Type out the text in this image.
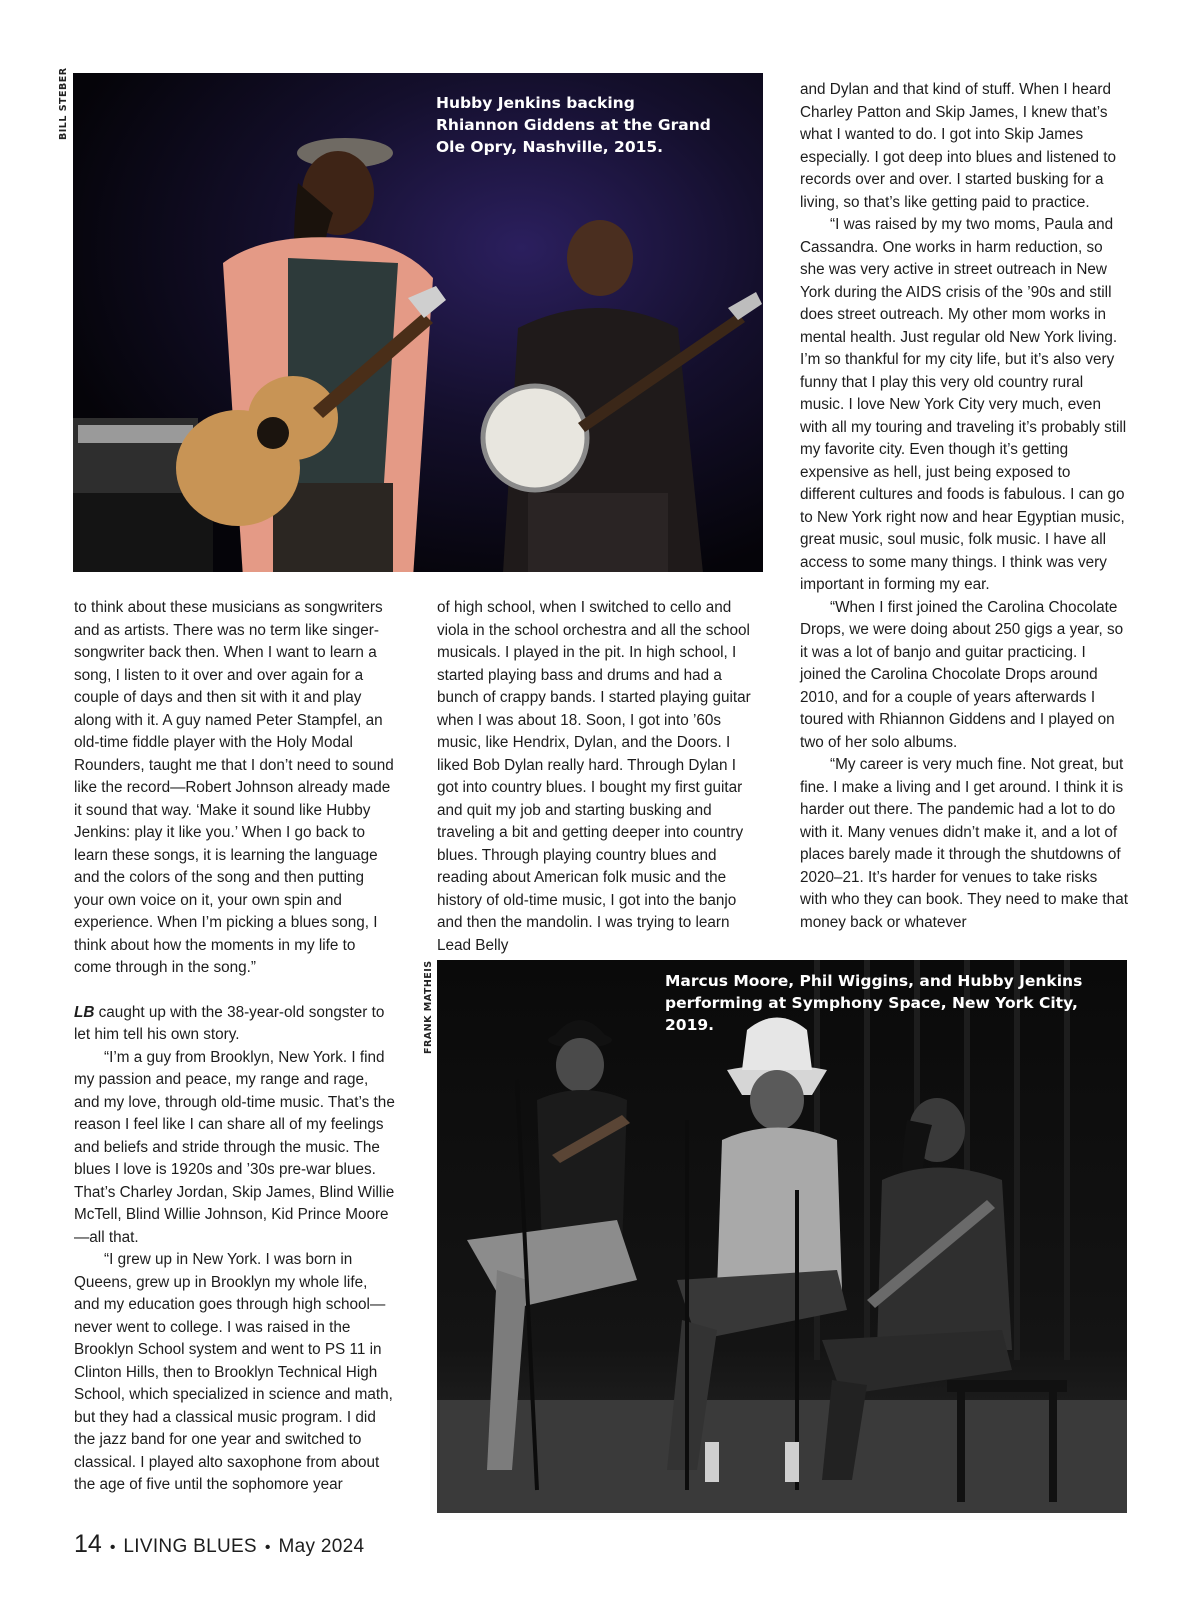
BILL STEBER	Hubby Jenkins backing Rhiannon Giddens at the Grand Ole Opry, Nashville, 2015.

to think about these musicians as songwriters and as artists. There was no term like singer-songwriter back then. When I want to learn a song, I listen to it over and over again for a couple of days and then sit with it and play along with it. A guy named Peter Stampfel, an old-time fiddle player with the Holy Modal Rounders, taught me that I don’t need to sound like the record—Robert Johnson already made it sound that way. ‘Make it sound like Hubby Jenkins: play it like you.’ When I go back to learn these songs, it is learning the language and the colors of the song and then putting your own voice on it, your own spin and experience. When I’m picking a blues song, I think about how the moments in my life to come through in the song.”

LB caught up with the 38-year-old songster to let him tell his own story.

“I’m a guy from Brooklyn, New York. I find my passion and peace, my range and rage, and my love, through old-time music. That’s the reason I feel like I can share all of my feelings and beliefs and stride through the music. The blues I love is 1920s and ’30s pre-war blues. That’s Charley Jordan, Skip James, Blind Willie McTell, Blind Willie Johnson, Kid Prince Moore—all that.

“I grew up in New York. I was born in Queens, grew up in Brooklyn my whole life, and my education goes through high school—never went to college. I was raised in the Brooklyn School system and went to PS 11 in Clinton Hills, then to Brooklyn Technical High School, which specialized in science and math, but they had a classical music program. I did the jazz band for one year and switched to classical. I played alto saxophone from about the age of five until the sophomore year

of high school, when I switched to cello and viola in the school orchestra and all the school musicals. I played in the pit. In high school, I started playing bass and drums and had a bunch of crappy bands. I started playing guitar when I was about 18. Soon, I got into ’60s music, like Hendrix, Dylan, and the Doors. I liked Bob Dylan really hard. Through Dylan I got into country blues. I bought my first guitar and quit my job and starting busking and traveling a bit and getting deeper into country blues. Through playing country blues and reading about American folk music and the history of old-time music, I got into the banjo and then the mandolin. I was trying to learn Lead Belly

and Dylan and that kind of stuff. When I heard Charley Patton and Skip James, I knew that’s what I wanted to do. I got into Skip James especially. I got deep into blues and listened to records over and over. I started busking for a living, so that’s like getting paid to practice.

“I was raised by my two moms, Paula and Cassandra. One works in harm reduction, so she was very active in street outreach in New York during the AIDS crisis of the ’90s and still does street outreach. My other mom works in mental health. Just regular old New York living. I’m so thankful for my city life, but it’s also very funny that I play this very old country rural music. I love New York City very much, even with all my touring and traveling it’s probably still my favorite city. Even though it’s getting expensive as hell, just being exposed to different cultures and foods is fabulous. I can go to New York right now and hear Egyptian music, great music, soul music, folk music. I have all access to some many things. I think was very important in forming my ear.

“When I first joined the Carolina Chocolate Drops, we were doing about 250 gigs a year, so it was a lot of banjo and guitar practicing. I joined the Carolina Chocolate Drops around 2010, and for a couple of years afterwards I toured with Rhiannon Giddens and I played on two of her solo albums.

“My career is very much fine. Not great, but fine. I make a living and I get around. I think it is harder out there. The pandemic had a lot to do with it. Many venues didn’t make it, and a lot of places barely made it through the shutdowns of 2020–21. It’s harder for venues to take risks with who they can book. They need to make that money back or whatever

FRANK MATHEIS	Marcus Moore, Phil Wiggins, and Hubby Jenkins performing at Symphony Space, New York City, 2019.

14 • LIVING BLUES • May 2024
